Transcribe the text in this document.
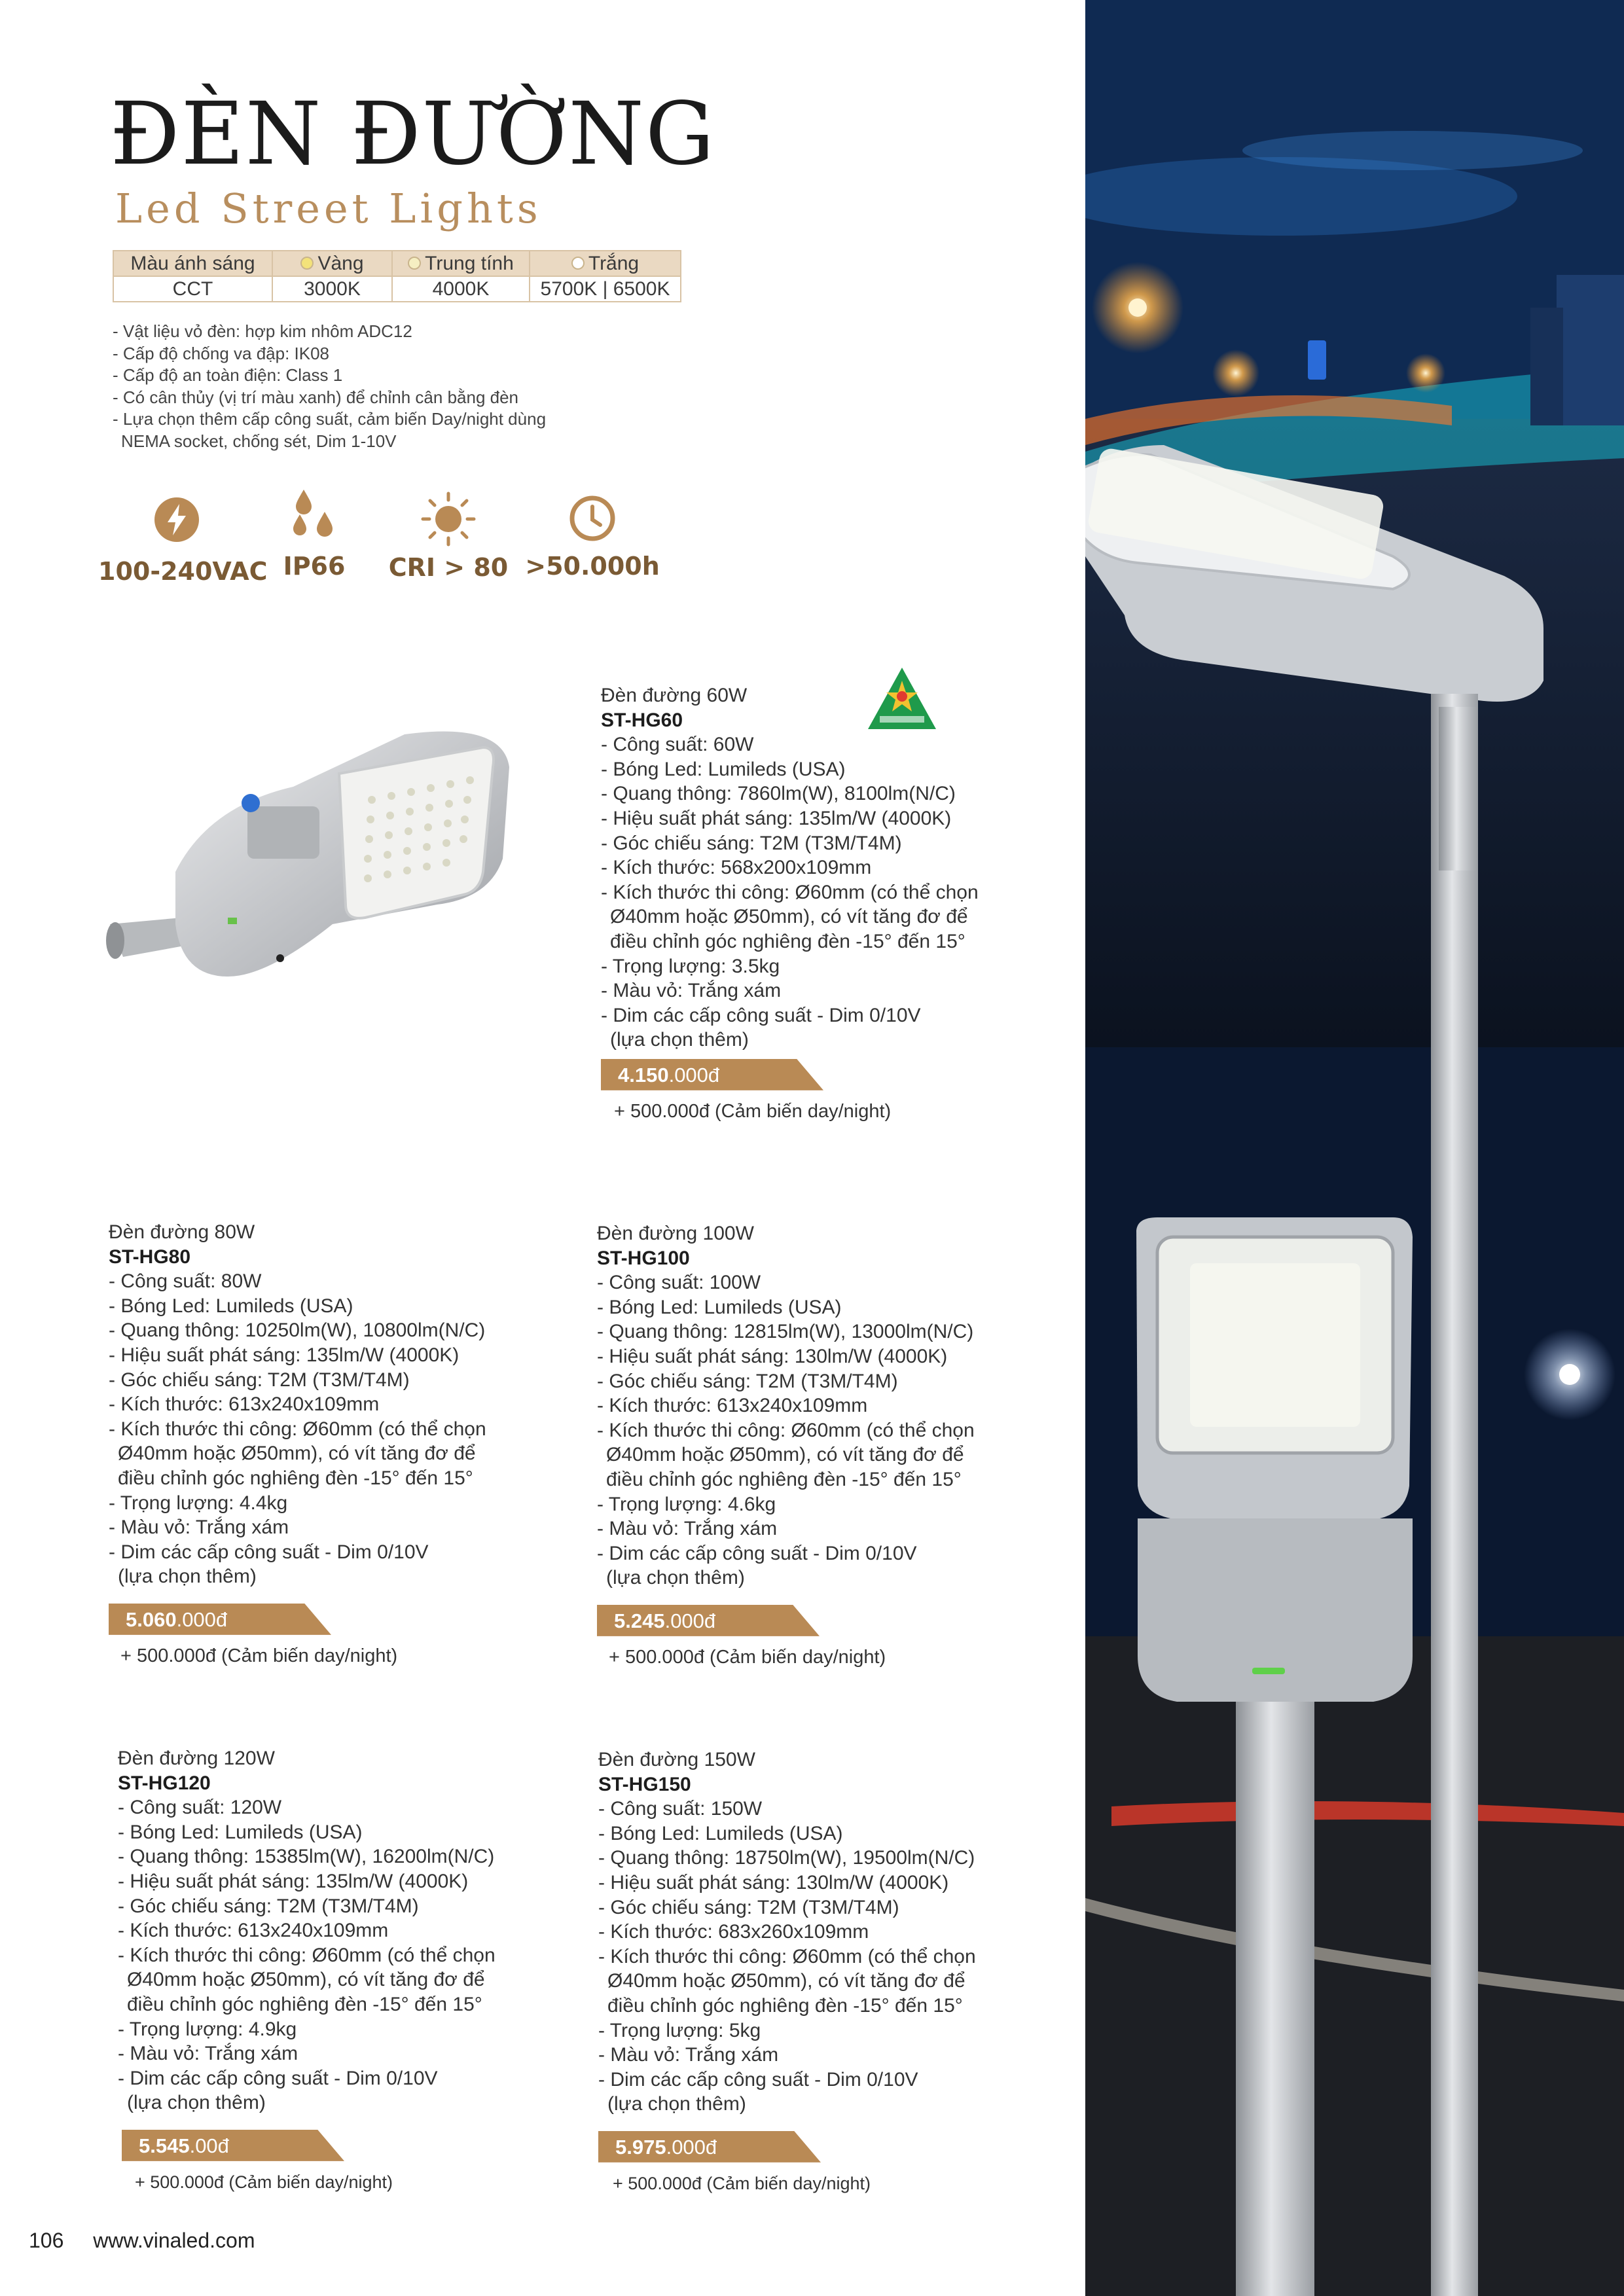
ĐÈN ĐƯỜNG
Led Street Lights
Màu ánh sáng	Vàng	Trung tính	Trắng
CCT	3000K	4000K	5700K | 6500K
- Vật liệu vỏ đèn: hợp kim nhôm ADC12
- Cấp độ chống va đập: IK08
- Cấp độ an toàn điện: Class 1
- Có cân thủy (vị trí màu xanh) để chỉnh cân bằng đèn
- Lựa chọn thêm cấp công suất, cảm biến Day/night dùng
NEMA socket, chống sét, Dim 1-10V
100-240VAC IP66	CRI > 80 >50.000h
Đèn đường 60W
ST-HG60
- Công suất: 60W
- Bóng Led: Lumileds (USA)
- Quang thông: 7860lm(W), 8100lm(N/C)
- Hiệu suất phát sáng: 135lm/W (4000K)
- Góc chiếu sáng: T2M (T3M/T4M)
- Kích thước: 568x200x109mm
- Kích thước thi công: Ø60mm (có thể chọn
Ø40mm hoặc Ø50mm), có vít tăng đơ để
điều chỉnh góc nghiêng đèn -15° đến 15°
- Trọng lượng: 3.5kg
- Màu vỏ: Trắng xám
- Dim các cấp công suất - Dim 0/10V
(lựa chọn thêm)
4.150.000đ
+ 500.000đ (Cảm biến day/night)
Đèn đường 80W
ST-HG80
- Công suất: 80W
- Bóng Led: Lumileds (USA)
- Quang thông: 10250lm(W), 10800lm(N/C)
- Hiệu suất phát sáng: 135lm/W (4000K)
- Góc chiếu sáng: T2M (T3M/T4M)
- Kích thước: 613x240x109mm
- Kích thước thi công: Ø60mm (có thể chọn
Ø40mm hoặc Ø50mm), có vít tăng đơ để
điều chỉnh góc nghiêng đèn -15° đến 15°
- Trọng lượng: 4.4kg
- Màu vỏ: Trắng xám
- Dim các cấp công suất - Dim 0/10V
(lựa chọn thêm)
5.060.000đ
+ 500.000đ (Cảm biến day/night)
Đèn đường 100W
ST-HG100
- Công suất: 100W
- Bóng Led: Lumileds (USA)
- Quang thông: 12815lm(W), 13000lm(N/C)
- Hiệu suất phát sáng: 130lm/W (4000K)
- Góc chiếu sáng: T2M (T3M/T4M)
- Kích thước: 613x240x109mm
- Kích thước thi công: Ø60mm (có thể chọn
Ø40mm hoặc Ø50mm), có vít tăng đơ để
điều chỉnh góc nghiêng đèn -15° đến 15°
- Trọng lượng: 4.6kg
- Màu vỏ: Trắng xám
- Dim các cấp công suất - Dim 0/10V
(lựa chọn thêm)
5.245.000đ
+ 500.000đ (Cảm biến day/night)
Đèn đường 120W
ST-HG120
- Công suất: 120W
- Bóng Led: Lumileds (USA)
- Quang thông: 15385lm(W), 16200lm(N/C)
- Hiệu suất phát sáng: 135lm/W (4000K)
- Góc chiếu sáng: T2M (T3M/T4M)
- Kích thước: 613x240x109mm
- Kích thước thi công: Ø60mm (có thể chọn
Ø40mm hoặc Ø50mm), có vít tăng đơ để
điều chỉnh góc nghiêng đèn -15° đến 15°
- Trọng lượng: 4.9kg
- Màu vỏ: Trắng xám
- Dim các cấp công suất - Dim 0/10V
(lựa chọn thêm)
5.545.00đ
+ 500.000đ (Cảm biến day/night)
Đèn đường 150W
ST-HG150
- Công suất: 150W
- Bóng Led: Lumileds (USA)
- Quang thông: 18750lm(W), 19500lm(N/C)
- Hiệu suất phát sáng: 130lm/W (4000K)
- Góc chiếu sáng: T2M (T3M/T4M)
- Kích thước: 683x260x109mm
- Kích thước thi công: Ø60mm (có thể chọn
Ø40mm hoặc Ø50mm), có vít tăng đơ để
điều chỉnh góc nghiêng đèn -15° đến 15°
- Trọng lượng: 5kg
- Màu vỏ: Trắng xám
- Dim các cấp công suất - Dim 0/10V
(lựa chọn thêm)
5.975.000đ
+ 500.000đ (Cảm biến day/night)
106 www.vinaled.com
